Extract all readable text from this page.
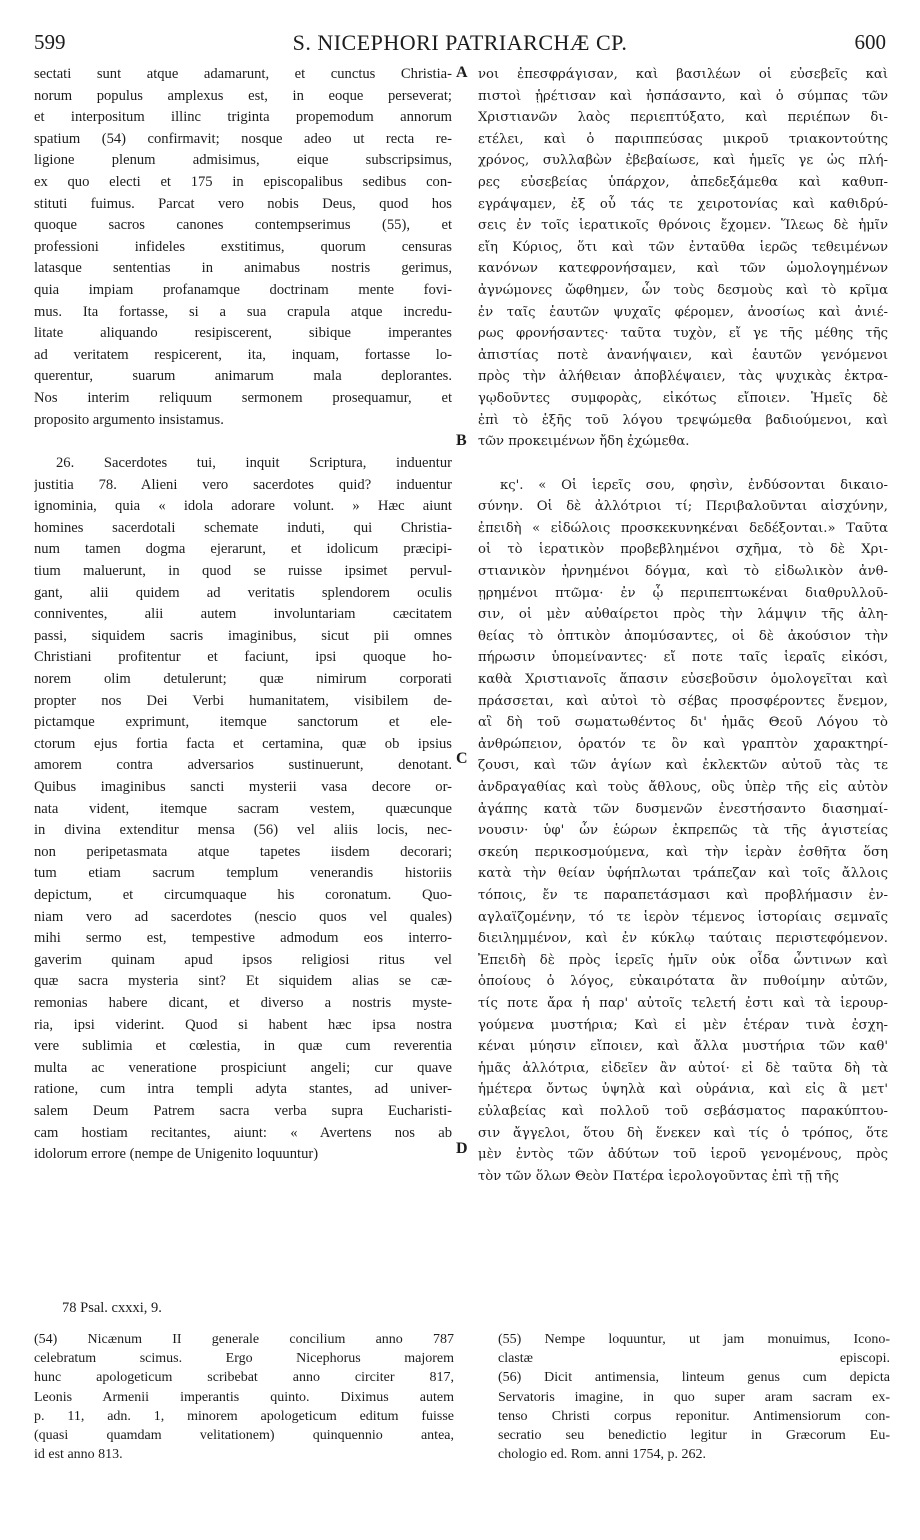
599	S. NICEPHORI PATRIARCHÆ CP.	600
A
B
C
D
sectati sunt atque adamarunt, et cunctus Christia-
norum populus amplexus est, in eoque perseverat;
et interpositum illinc triginta propemodum annorum
spatium (54) confirmavit; nosque adeo ut recta re-
ligione plenum admisimus, eique subscripsimus,
ex quo electi et 175 in episcopalibus sedibus con-
stituti fuimus. Parcat vero nobis Deus, quod hos
quoque sacros canones contempserimus (55), et
professioni infideles exstitimus, quorum censuras
latasque sententias in animabus nostris gerimus,
quia impiam profanamque doctrinam mente fovi-
mus. Ita fortasse, si a sua crapula atque incredu-
litate aliquando resipiscerent, sibique imperantes
ad veritatem respicerent, ita, inquam, fortasse lo-
querentur, suarum animarum mala deplorantes.
Nos interim reliquum sermonem prosequamur, et
proposito argumento insistamus.
26. Sacerdotes tui, inquit Scriptura, induentur
justitia 78. Alieni vero sacerdotes quid? induentur
ignominia, quia « idola adorare volunt. » Hæc aiunt
homines sacerdotali schemate induti, qui Christia-
num tamen dogma ejerarunt, et idolicum præcipi-
tium maluerunt, in quod se ruisse ipsimet pervul-
gant, alii quidem ad veritatis splendorem oculis
conniventes, alii autem involuntariam cæcitatem
passi, siquidem sacris imaginibus, sicut pii omnes
Christiani profitentur et faciunt, ipsi quoque ho-
norem olim detulerunt; quæ nimirum corporati
propter nos Dei Verbi humanitatem, visibilem de-
pictamque exprimunt, itemque sanctorum et ele-
ctorum ejus fortia facta et certamina, quæ ob ipsius
amorem contra adversarios sustinuerunt, denotant.
Quibus imaginibus sancti mysterii vasa decore or-
nata vident, itemque sacram vestem, quæcunque
in divina extenditur mensa (56) vel aliis locis, nec-
non peripetasmata atque tapetes iisdem decorari;
tum etiam sacrum templum venerandis historiis
depictum, et circumquaque his coronatum. Quo-
niam vero ad sacerdotes (nescio quos vel quales)
mihi sermo est, tempestive admodum eos interro-
gaverim quinam apud ipsos religiosi ritus vel
quæ sacra mysteria sint? Et siquidem alias se cæ-
remonias habere dicant, et diverso a nostris myste-
ria, ipsi viderint. Quod si habent hæc ipsa nostra
vere sublimia et cœlestia, in quæ cum reverentia
multa ac veneratione prospiciunt angeli; cur quave
ratione, cum intra templi adyta stantes, ad univer-
salem Deum Patrem sacra verba supra Eucharisti-
cam hostiam recitantes, aiunt: « Avertens nos ab
idolorum errore (nempe de Unigenito loquuntur)
νοι ἐπεσφράγισαν, καὶ βασιλέων οἱ εὐσεβεῖς καὶ
πιστοὶ ᾑρέτισαν καὶ ἠσπάσαντο, καὶ ὁ σύμπας τῶν
Χριστιανῶν λαὸς περιεπτύξατο, καὶ περιέπων δι-
ετέλει, καὶ ὁ παριππεύσας μικροῦ τριακοντούτης
χρόνος, συλλαβὼν ἐβεβαίωσε, καὶ ἡμεῖς γε ὡς πλή-
ρες εὐσεβείας ὑπάρχον, ἀπεδεξάμεθα καὶ καθυπ-
εγράψαμεν, ἐξ οὗ τάς τε χειροτονίας καὶ καθιδρύ-
σεις ἐν τοῖς ἱερατικοῖς θρόνοις ἔχομεν. Ἵλεως δὲ ἡμῖν
εἴη Κύριος, ὅτι καὶ τῶν ἐνταῦθα ἱερῶς τεθειμένων
κανόνων κατεφρονήσαμεν, καὶ τῶν ὡμολογημένων
ἀγνώμονες ὤφθημεν, ὧν τοὺς δεσμοὺς καὶ τὸ κρῖμα
ἐν ταῖς ἑαυτῶν ψυχαῖς φέρομεν, ἀνοσίως καὶ ἀνιέ-
ρως φρονήσαντες· ταῦτα τυχὸν, εἴ γε τῆς μέθης τῆς
ἀπιστίας ποτὲ ἀνανήψαιεν, καὶ ἑαυτῶν γενόμενοι
πρὸς τὴν ἀλήθειαν ἀποβλέψαιεν, τὰς ψυχικὰς ἐκτρα-
γῳδοῦντες συμφορὰς, εἰκότως εἴποιεν. Ἡμεῖς δὲ
ἐπὶ τὸ ἑξῆς τοῦ λόγου τρεψώμεθα βαδιούμενοι, καὶ
τῶν προκειμένων ἤδη ἐχώμεθα.
κς'. « Οἱ ἱερεῖς σου, φησὶν, ἐνδύσονται δικαιο-
σύνην. Οἱ δὲ ἀλλότριοι τί; Περιβαλοῦνται αἰσχύνην,
ἐπειδὴ « εἰδώλοις προσκεκυνηκέναι δεδέξονται.» Ταῦτα
οἱ τὸ ἱερατικὸν προβεβλημένοι σχῆμα, τὸ δὲ Χρι-
στιανικὸν ἠρνημένοι δόγμα, καὶ τὸ εἰδωλικὸν ἀνθ-
ῃρημένοι πτῶμα· ἐν ᾧ περιπεπτωκέναι διαθρυλλοῦ-
σιν, οἱ μὲν αὐθαίρετοι πρὸς τὴν λάμψιν τῆς ἀλη-
θείας τὸ ὀπτικὸν ἀπομύσαντες, οἱ δὲ ἀκούσιον τὴν
πήρωσιν ὑπομείναντες· εἴ ποτε ταῖς ἱεραῖς εἰκόσι,
καθὰ Χριστιανοῖς ἅπασιν εὐσεβοῦσιν ὁμολογεῖται καὶ
πράσσεται, καὶ αὐτοὶ τὸ σέβας προσφέροντες ἔνεμον,
αἳ δὴ τοῦ σωματωθέντος δι' ἡμᾶς Θεοῦ Λόγου τὸ
ἀνθρώπειον, ὁρατόν τε ὂν καὶ γραπτὸν χαρακτηρί-
ζουσι, καὶ τῶν ἁγίων καὶ ἐκλεκτῶν αὐτοῦ τὰς τε
ἀνδραγαθίας καὶ τοὺς ἄθλους, οὓς ὑπὲρ τῆς εἰς αὐτὸν
ἀγάπης κατὰ τῶν δυσμενῶν ἐνεστήσαντο διασημαί-
νουσιν· ὑφ' ὧν ἑώρων ἐκπρεπῶς τὰ τῆς ἁγιστείας
σκεύη περικοσμούμενα, καὶ τὴν ἱερὰν ἐσθῆτα ὅση
κατὰ τὴν θείαν ὑφήπλωται τράπεζαν καὶ τοῖς ἄλλοις
τόποις, ἔν τε παραπετάσμασι καὶ προβλήμασιν ἐν-
αγλαϊζομένην, τό τε ἱερὸν τέμενος ἱστορίαις σεμναῖς
διειλημμένον, καὶ ἐν κύκλῳ ταύταις περιστεφόμενον.
Ἐπειδὴ δὲ πρὸς ἱερεῖς ἡμῖν οὐκ οἶδα ὧντινων καὶ
ὁποίους ὁ λόγος, εὐκαιρότατα ἂν πυθοίμην αὐτῶν,
τίς ποτε ἄρα ἡ παρ' αὐτοῖς τελετή ἐστι καὶ τὰ ἱερουρ-
γούμενα μυστήρια; Καὶ εἰ μὲν ἑτέραν τινὰ ἐσχη-
κέναι μύησιν εἴποιεν, καὶ ἄλλα μυστήρια τῶν καθ'
ἡμᾶς ἀλλότρια, εἰδεῖεν ἂν αὐτοί· εἰ δὲ ταῦτα δὴ τὰ
ἡμέτερα ὄντως ὑψηλὰ καὶ οὐράνια, καὶ εἰς ἃ μετ'
εὐλαβείας καὶ πολλοῦ τοῦ σεβάσματος παρακύπτου-
σιν ἄγγελοι, ὅτου δὴ ἕνεκεν καὶ τίς ὁ τρόπος, ὅτε
μὲν ἐντὸς τῶν ἀδύτων τοῦ ἱεροῦ γενομένους, πρὸς
τὸν τῶν ὅλων Θεὸν Πατέρα ἱερολογοῦντας ἐπὶ τῇ τῆς
78 Psal. cxxxi, 9.
(54) Nicænum II generale concilium anno 787
celebratum scimus. Ergo Nicephorus majorem
hunc apologeticum scribebat anno circiter 817,
Leonis Armenii imperantis quinto. Diximus autem
p. 11, adn. 1, minorem apologeticum editum fuisse
(quasi quamdam velitationem) quinquennio antea,
id est anno 813.
(55) Nempe loquuntur, ut jam monuimus, Icono-
clastæ episcopi.
(56) Dicit antimensia, linteum genus cum depicta
Servatoris imagine, in quo super aram sacram ex-
tenso Christi corpus reponitur. Antimensiorum con-
secratio seu benedictio legitur in Græcorum Eu-
chologio ed. Rom. anni 1754, p. 262.
